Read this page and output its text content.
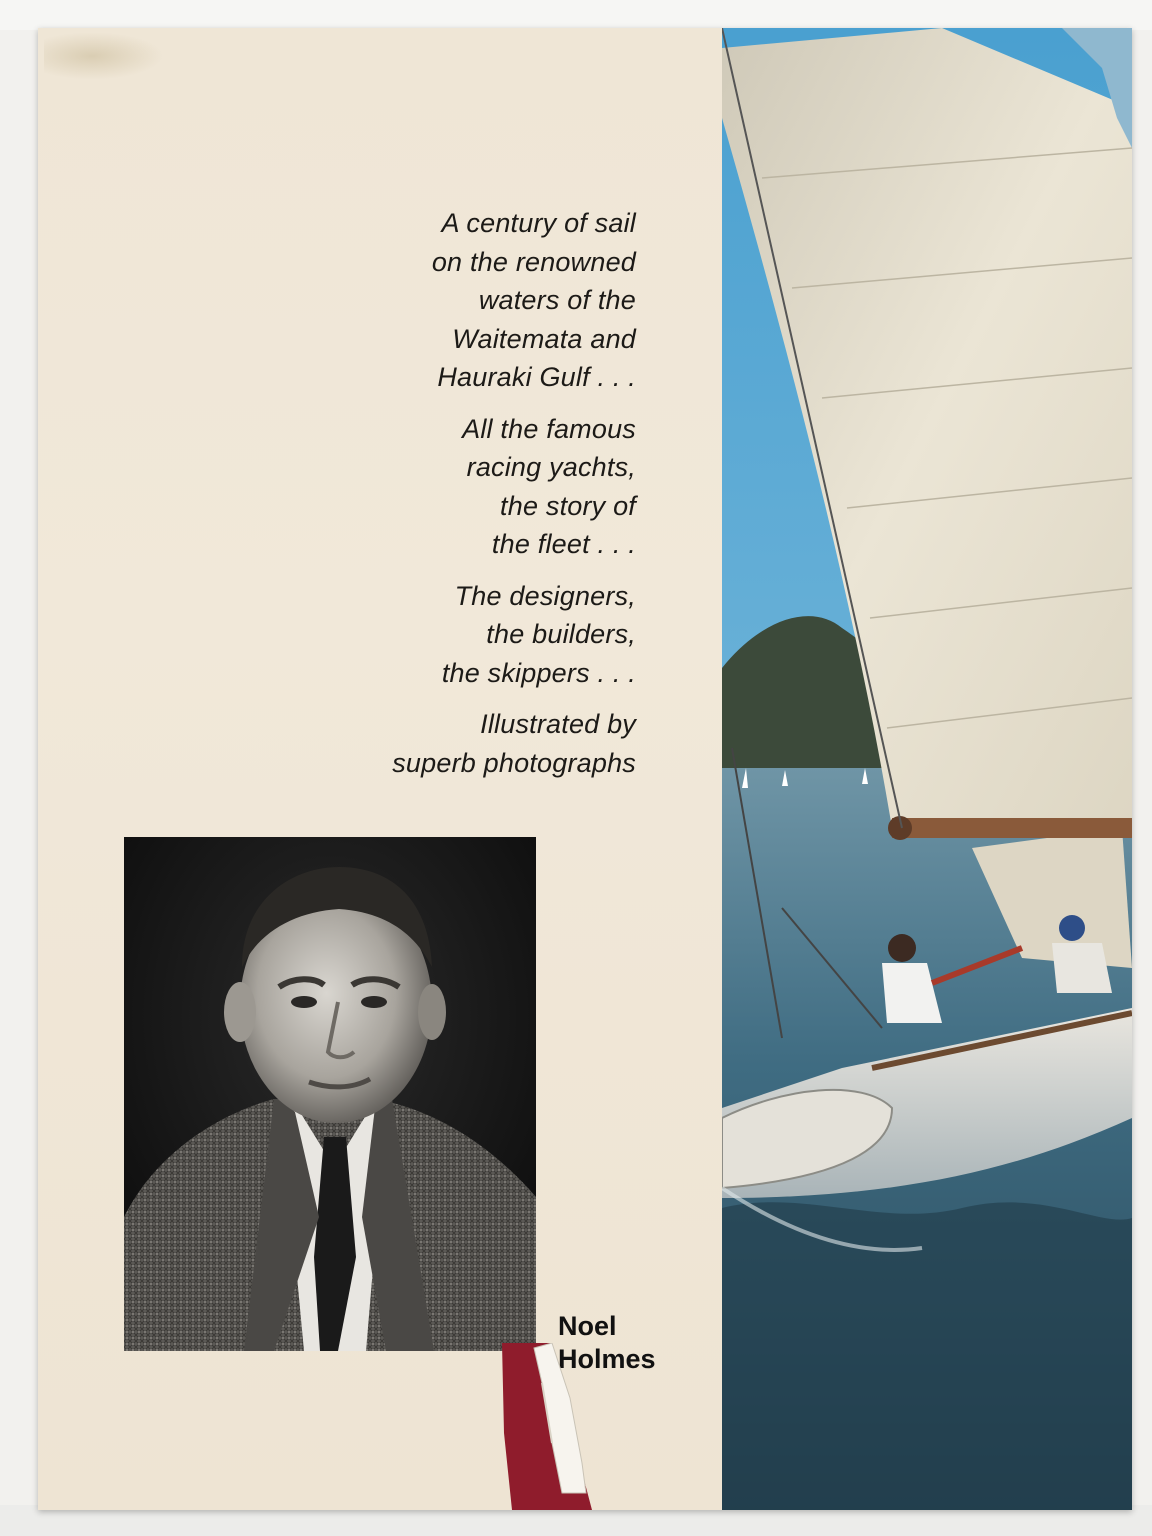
A century of sail
on the renowned
waters of the
Waitemata and
Hauraki Gulf . . .

All the famous
racing yachts,
the story of
the fleet . . .

The designers,
the builders,
the skippers . . .

Illustrated by
superb photographs

Noel
Holmes
